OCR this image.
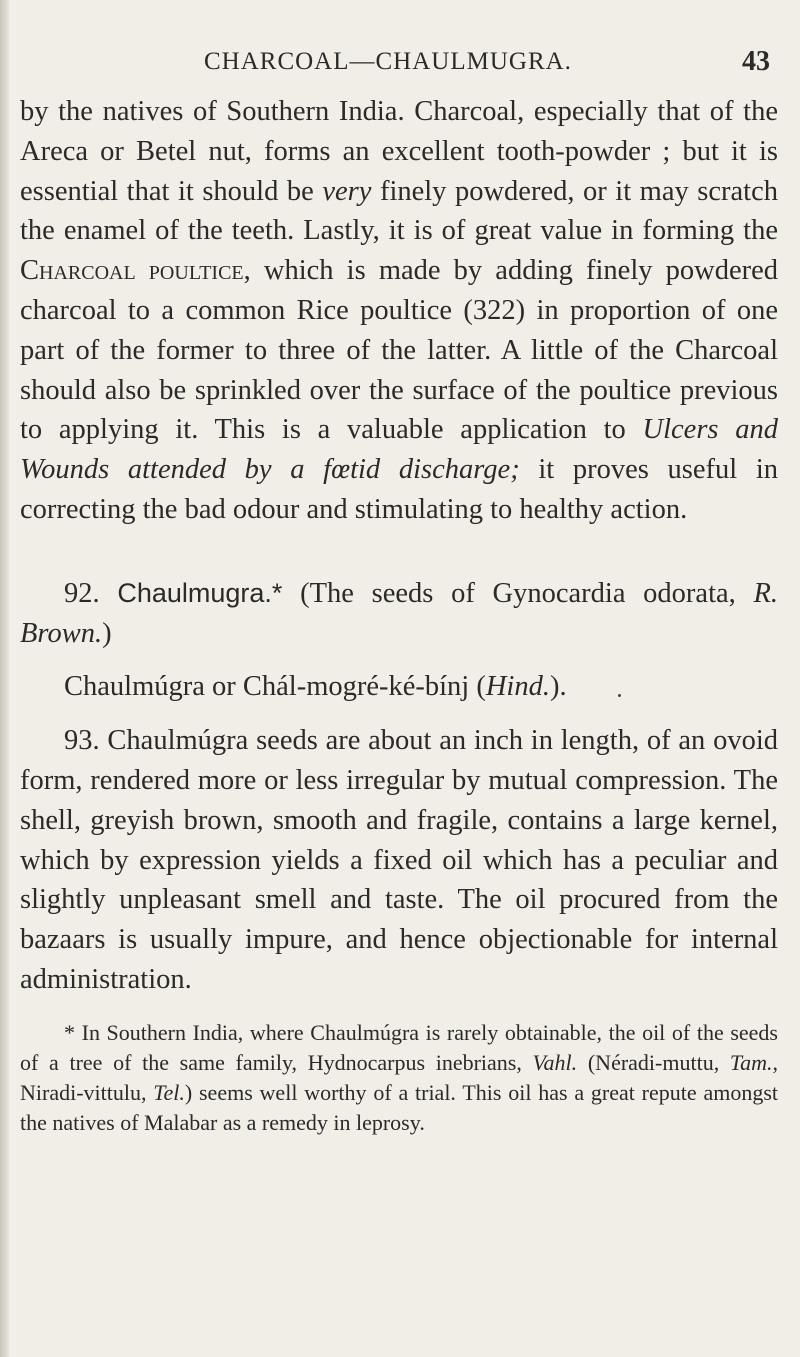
CHARCOAL—CHAULMUGRA.	43

by the natives of Southern India. Charcoal, especially that of the Areca or Betel nut, forms an excellent tooth-powder ; but it is essential that it should be very finely powdered, or it may scratch the enamel of the teeth. Lastly, it is of great value in forming the Charcoal poultice, which is made by adding finely powdered charcoal to a common Rice poultice (322) in proportion of one part of the former to three of the latter. A little of the Charcoal should also be sprinkled over the surface of the poultice previous to applying it. This is a valuable application to Ulcers and Wounds attended by a fœtid discharge; it proves useful in correcting the bad odour and stimulating to healthy action.

92. Chaulmugra.* (The seeds of Gynocardia odorata, R. Brown.)

Chaulmúgra or Chál-mogré-ké-bínj (Hind.).

93. Chaulmúgra seeds are about an inch in length, of an ovoid form, rendered more or less irregular by mutual compression. The shell, greyish brown, smooth and fragile, contains a large kernel, which by expression yields a fixed oil which has a peculiar and slightly unpleasant smell and taste. The oil procured from the bazaars is usually impure, and hence objectionable for internal administration.

* In Southern India, where Chaulmúgra is rarely obtainable, the oil of the seeds of a tree of the same family, Hydnocarpus inebrians, Vahl. (Néradi-muttu, Tam., Niradi-vittulu, Tel.) seems well worthy of a trial. This oil has a great repute amongst the natives of Malabar as a remedy in leprosy.
